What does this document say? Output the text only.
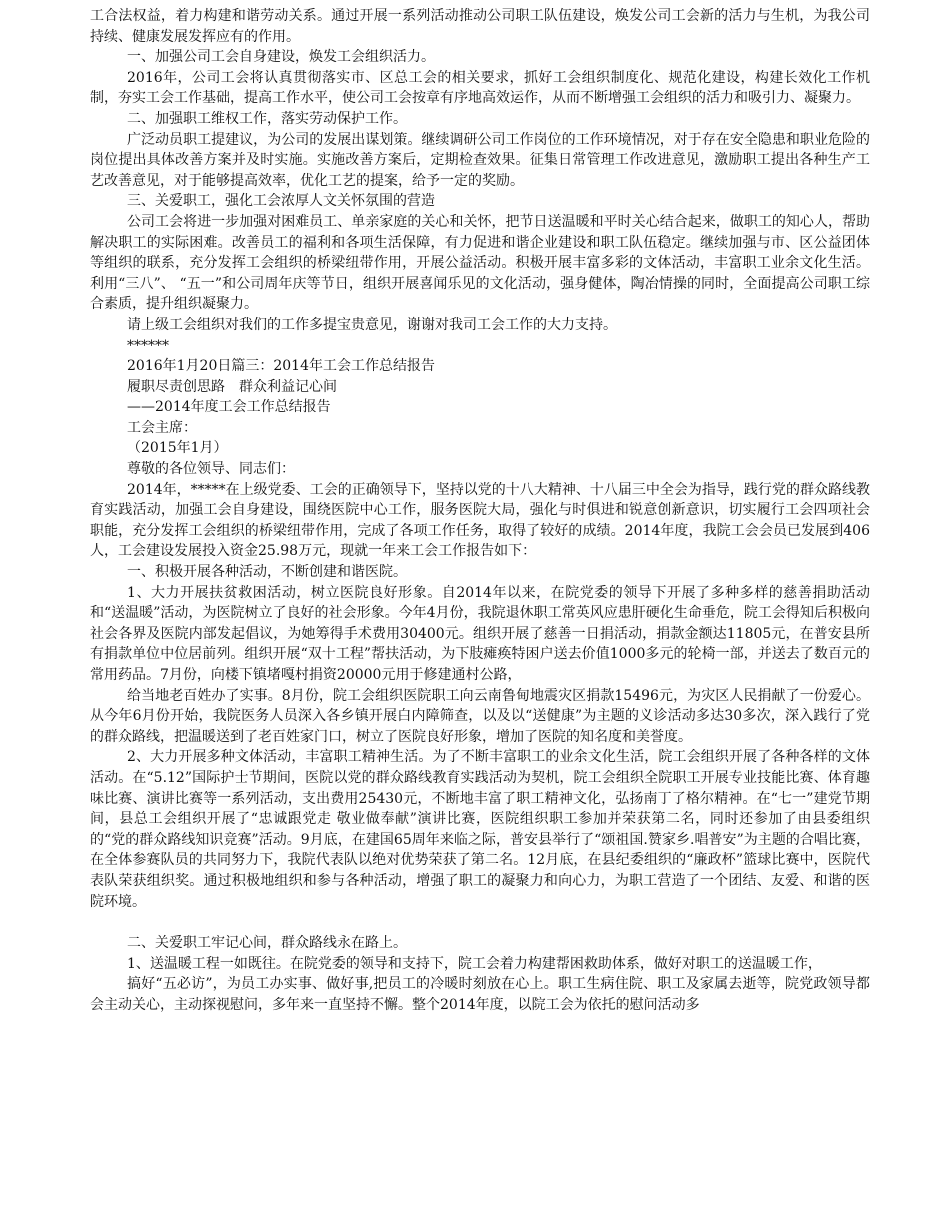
工合法权益，着力构建和谐劳动关系。通过开展一系列活动推动公司职工队伍建设，焕发公司工会新的活力与生机，为我公司持续、健康发展发挥应有的作用。

一、加强公司工会自身建设，焕发工会组织活力。

2016年，公司工会将认真贯彻落实市、区总工会的相关要求，抓好工会组织制度化、规范化建设，构建长效化工作机制，夯实工会工作基础，提高工作水平，使公司工会按章有序地高效运作，从而不断增强工会组织的活力和吸引力、凝聚力。

二、加强职工维权工作，落实劳动保护工作。

广泛动员职工提建议，为公司的发展出谋划策。继续调研公司工作岗位的工作环境情况，对于存在安全隐患和职业危险的岗位提出具体改善方案并及时实施。实施改善方案后，定期检查效果。征集日常管理工作改进意见，激励职工提出各种生产工艺改善意见，对于能够提高效率，优化工艺的提案，给予一定的奖励。

三、关爱职工，强化工会浓厚人文关怀氛围的营造

公司工会将进一步加强对困难员工、单亲家庭的关心和关怀，把节日送温暖和平时关心结合起来，做职工的知心人，帮助解决职工的实际困难。改善员工的福利和各项生活保障，有力促进和谐企业建设和职工队伍稳定。继续加强与市、区公益团体等组织的联系，充分发挥工会组织的桥梁纽带作用，开展公益活动。积极开展丰富多彩的文体活动，丰富职工业余文化生活。利用“三八”、 “五一”和公司周年庆等节日，组织开展喜闻乐见的文化活动，强身健体，陶冶情操的同时，全面提高公司职工综合素质，提升组织凝聚力。

请上级工会组织对我们的工作多提宝贵意见，谢谢对我司工会工作的大力支持。

******

2016年1月20日篇三：2014年工会工作总结报告

履职尽责创思路　群众利益记心间

——2014年度工会工作总结报告

工会主席：

（2015年1月）

尊敬的各位领导、同志们：

2014年，*****在上级党委、工会的正确领导下，坚持以党的十八大精神、十八届三中全会为指导，践行党的群众路线教育实践活动，加强工会自身建设，围绕医院中心工作，服务医院大局，强化与时俱进和锐意创新意识，切实履行工会四项社会职能，充分发挥工会组织的桥梁纽带作用，完成了各项工作任务，取得了较好的成绩。2014年度，我院工会会员已发展到406人，工会建设发展投入资金25.98万元，现就一年来工会工作报告如下：

一、积极开展各种活动，不断创建和谐医院。

1、大力开展扶贫救困活动，树立医院良好形象。自2014年以来，在院党委的领导下开展了多种多样的慈善捐助活动和“送温暖”活动，为医院树立了良好的社会形象。今年4月份，我院退休职工常英风应患肝硬化生命垂危，院工会得知后积极向社会各界及医院内部发起倡议，为她筹得手术费用30400元。组织开展了慈善一日捐活动，捐款金额达11805元，在普安县所有捐款单位中位居前列。组织开展“双十工程”帮扶活动，为下肢瘫痪特困户送去价值1000多元的轮椅一部，并送去了数百元的常用药品。7月份，向楼下镇堵嘎村捐资20000元用于修建通村公路，

给当地老百姓办了实事。8月份，院工会组织医院职工向云南鲁甸地震灾区捐款15496元，为灾区人民捐献了一份爱心。从今年6月份开始，我院医务人员深入各乡镇开展白内障筛查，以及以“送健康”为主题的义诊活动多达30多次，深入践行了党的群众路线，把温暖送到了老百姓家门口，树立了医院良好形象，增加了医院的知名度和美誉度。

2、大力开展多种文体活动，丰富职工精神生活。为了不断丰富职工的业余文化生活，院工会组织开展了各种各样的文体活动。在“5.12”国际护士节期间，医院以党的群众路线教育实践活动为契机，院工会组织全院职工开展专业技能比赛、体育趣味比赛、演讲比赛等一系列活动，支出费用25430元，不断地丰富了职工精神文化，弘扬南丁了格尔精神。在“七一”建党节期间，县总工会组织开展了“忠诚跟党走 敬业做奉献”演讲比赛，医院组织职工参加并荣获第二名，同时还参加了由县委组织的“党的群众路线知识竞赛”活动。9月底，在建国65周年来临之际，普安县举行了“颂祖国.赞家乡.唱普安”为主题的合唱比赛，在全体参赛队员的共同努力下，我院代表队以绝对优势荣获了第二名。12月底，在县纪委组织的“廉政杯”篮球比赛中，医院代表队荣获组织奖。通过积极地组织和参与各种活动，增强了职工的凝聚力和向心力，为职工营造了一个团结、友爱、和谐的医院环境。

二、关爱职工牢记心间，群众路线永在路上。

1、送温暖工程一如既往。在院党委的领导和支持下，院工会着力构建帮困救助体系，做好对职工的送温暖工作，

搞好“五必访”，为员工办实事、做好事,把员工的冷暖时刻放在心上。职工生病住院、职工及家属去逝等，院党政领导都会主动关心，主动探视慰问，多年来一直坚持不懈。整个2014年度，以院工会为依托的慰问活动多
